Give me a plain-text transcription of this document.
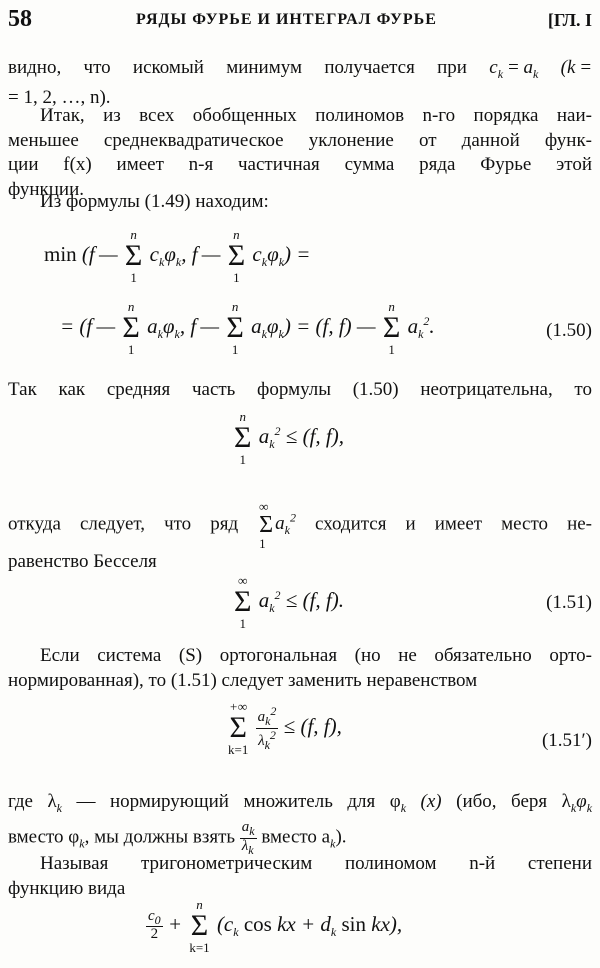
58	РЯДЫ ФУРЬЕ И ИНТЕГРАЛ ФУРЬЕ	[ГЛ. I
видно, что искомый минимум получается при $c_k = a_k$ (k =
= 1, 2, …, n).
Итак, из всех обобщенных полиномов n-го порядка наи-
меньшее среднеквадратическое уклонение от данной функ-
ции f(x) имеет n-я частичная сумма ряда Фурье этой
функции.
Из формулы (1.49) находим:
min (f —
n
Σ
1
$c_k\varphi_k$, f —
n
Σ
1
$c_k\varphi_k$) =
= (f —
n
Σ
1
$a_k\varphi_k$, f —
n
Σ
1
$a_k\varphi_k) = (f$, f) —
n
Σ
1
$a_k^2$.	(1.50)
Так как средняя часть формулы (1.50) неотрицательна, то
n
Σ
1
$a_k^2 \le (f$, f),
откуда следует, что ряд
∞
Σ
1
$a_k^2$ сходится и имеет место не-
равенство Бесселя
∞
Σ
1
$a_k^2 \le (f$, f).	(1.51)
Если система (S) ортогональная (но не обязательно орто-
нормированная), то (1.51) следует заменить неравенством
+∞
Σ
k=1
$\frac{a_k^2}{\lambda_k^2} \le (f$, f),
(1.51′)
где $\lambda_k$ — нормирующий множитель для $\varphi_k$ (x) (ибо, беря $\lambda_k\varphi_k$
вместо $\varphi_k$, мы должны взять $\frac{a_k}{\lambda_k}$ вместо $a_k$).
Называя тригонометрическим полиномом n-й степени
функцию вида
$\frac{c_0}{2}$ +
n
Σ
k=1
($c_k$ cos kx + $d_k$ sin kx),
